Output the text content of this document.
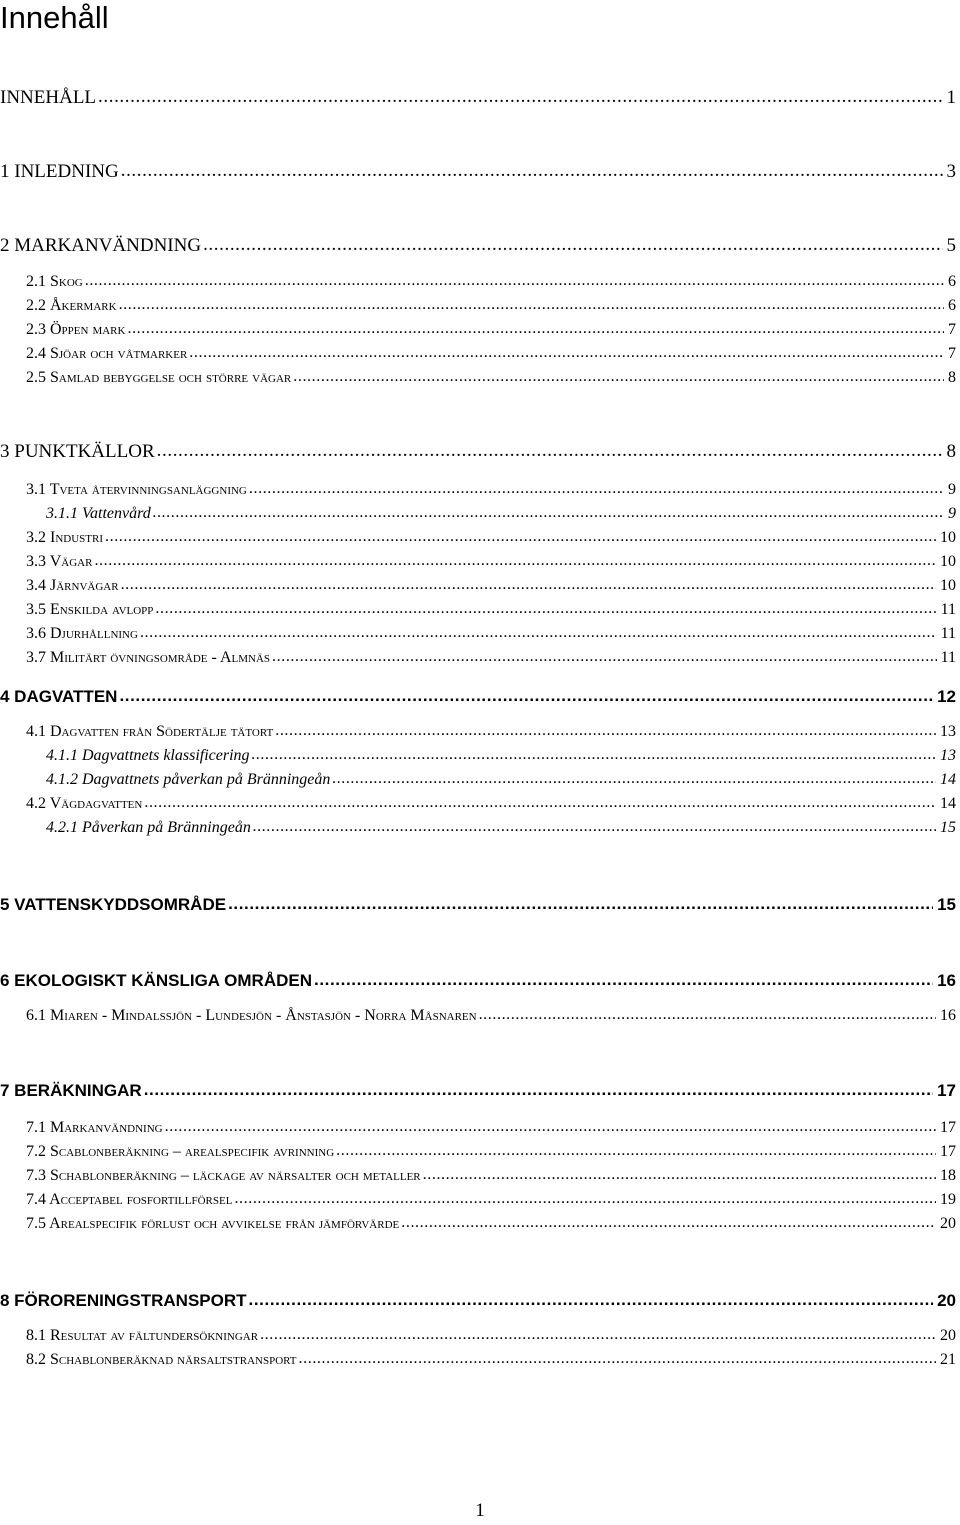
Innehåll
INNEHÅLL .....	1
1 INLEDNING .....	3
2 MARKANVÄNDNING .....	5
2.1 Skog .....	6
2.2 Åkermark .....	6
2.3 Öppen mark .....	7
2.4 Sjöar och våtmarker .....	7
2.5 Samlad bebyggelse och större vägar .....	8
3 PUNKTKÄLLOR .....	8
3.1 Tveta återvinningsanläggning .....	9
3.1.1 Vattenvård .....	9
3.2 Industri .....	10
3.3 Vägar .....	10
3.4 Järnvägar .....	10
3.5 Enskilda avlopp .....	11
3.6 Djurhållning .....	11
3.7 Militärt övningsområde - Almnäs .....	11
4 DAGVATTEN .....	12
4.1 Dagvatten från Södertälje tätort .....	13
4.1.1 Dagvattnets klassificering .....	13
4.1.2 Dagvattnets påverkan på Bränningeån .....	14
4.2 Vägdagvatten .....	14
4.2.1 Påverkan på Bränningeån .....	15
5 VATTENSKYDDSOMRÅDE .....	15
6 EKOLOGISKT KÄNSLIGA OMRÅDEN .....	16
6.1 Miaren - Mindalssjön - Lundesjön - Ånstasjön - Norra Måsnaren .....	16
7 BERÄKNINGAR .....	17
7.1 Markanvändning .....	17
7.2 Scablonberäkning – arealspecifik avrinning .....	17
7.3 Schablonberäkning – läckage av närsalter och metaller .....	18
7.4 Acceptabel fosfortillförsel .....	19
7.5 Arealspecifik förlust och avvikelse från jämförvärde .....	20
8 FÖRORENINGSTRANSPORT .....	20
8.1 Resultat av fältundersökningar .....	20
8.2 Schablonberäknad närsaltstransport .....	21
1
